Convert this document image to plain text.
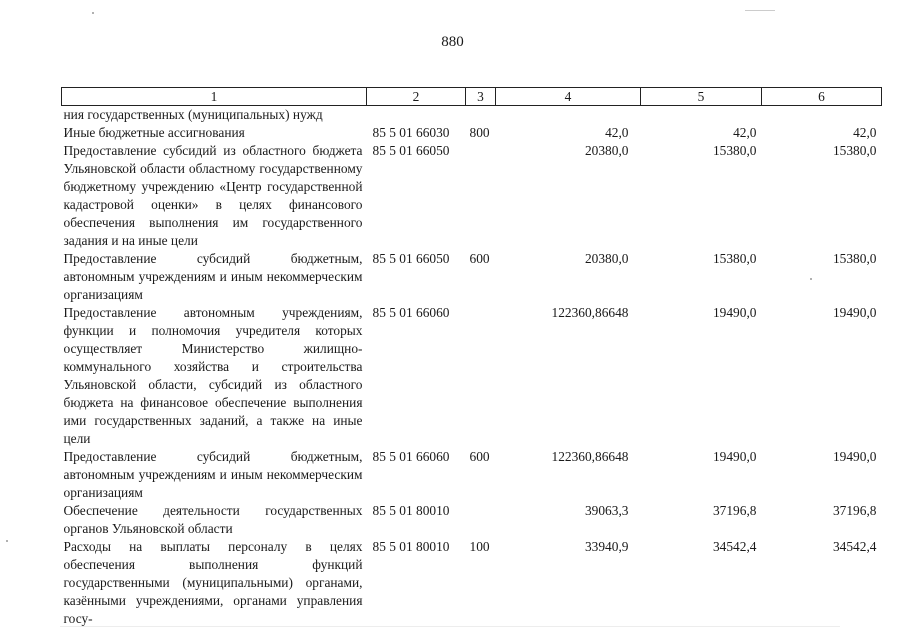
880
1	2	3	4	5	6
ния государственных (муниципальных) нужд					
Иные бюджетные ассигнования	85 5 01 66030	800	42,0	42,0	42,0
Предоставление субсидий из областного бюджета Ульяновской области областному государственному бюджетному учреждению «Центр государственной кадастровой оценки» в целях финансового обеспечения выполнения им государственного задания и на иные цели	85 5 01 66050		20380,0	15380,0	15380,0
Предоставление субсидий бюджетным, автономным учреждениям и иным некоммерческим организациям	85 5 01 66050	600	20380,0	15380,0	15380,0
Предоставление автономным учреждениям, функции и полномочия учредителя которых осуществляет Министерство жилищно-коммунального хозяйства и строительства Ульяновской области, субсидий из областного бюджета на финансовое обеспечение выполнения ими государственных заданий, а также на иные цели	85 5 01 66060		122360,86648	19490,0	19490,0
Предоставление субсидий бюджетным, автономным учреждениям и иным некоммерческим организациям	85 5 01 66060	600	122360,86648	19490,0	19490,0
Обеспечение деятельности государственных органов Ульяновской области	85 5 01 80010		39063,3	37196,8	37196,8
Расходы на выплаты персоналу в целях обеспечения выполнения функций государственными (муниципальными) органами, казёнными учреждениями, органами управления госу-	85 5 01 80010	100	33940,9	34542,4	34542,4
